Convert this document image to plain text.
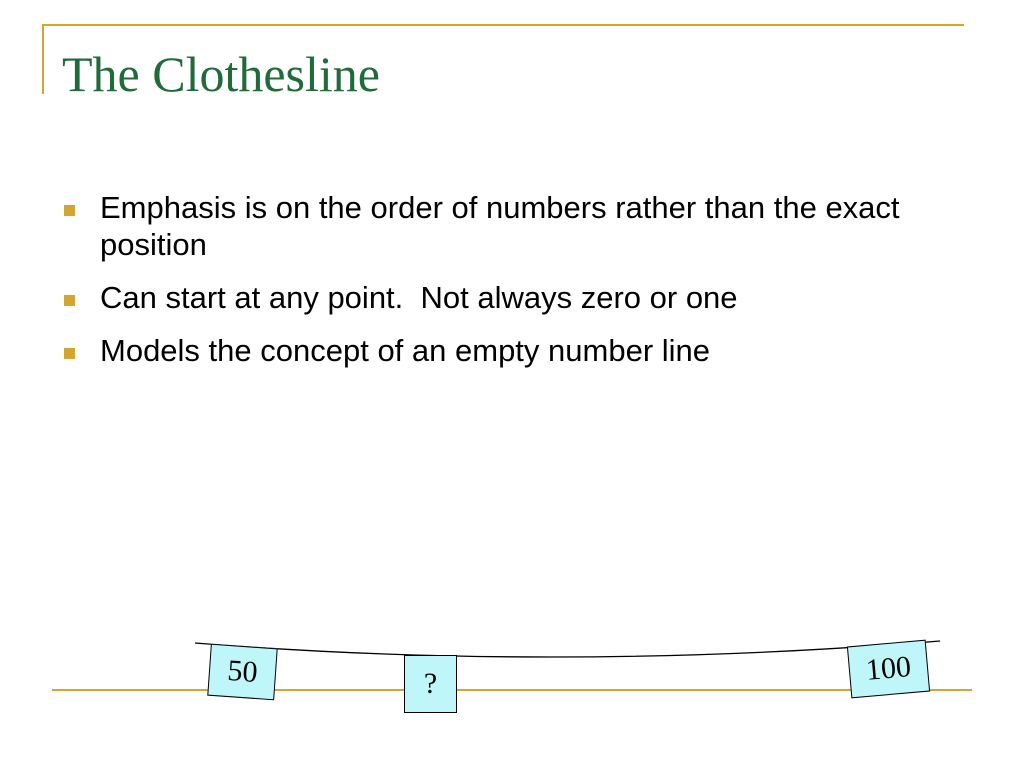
The Clothesline
Emphasis is on the order of numbers rather than the exact position
Can start at any point.  Not always zero or one
Models the concept of an empty number line
50	?	100
